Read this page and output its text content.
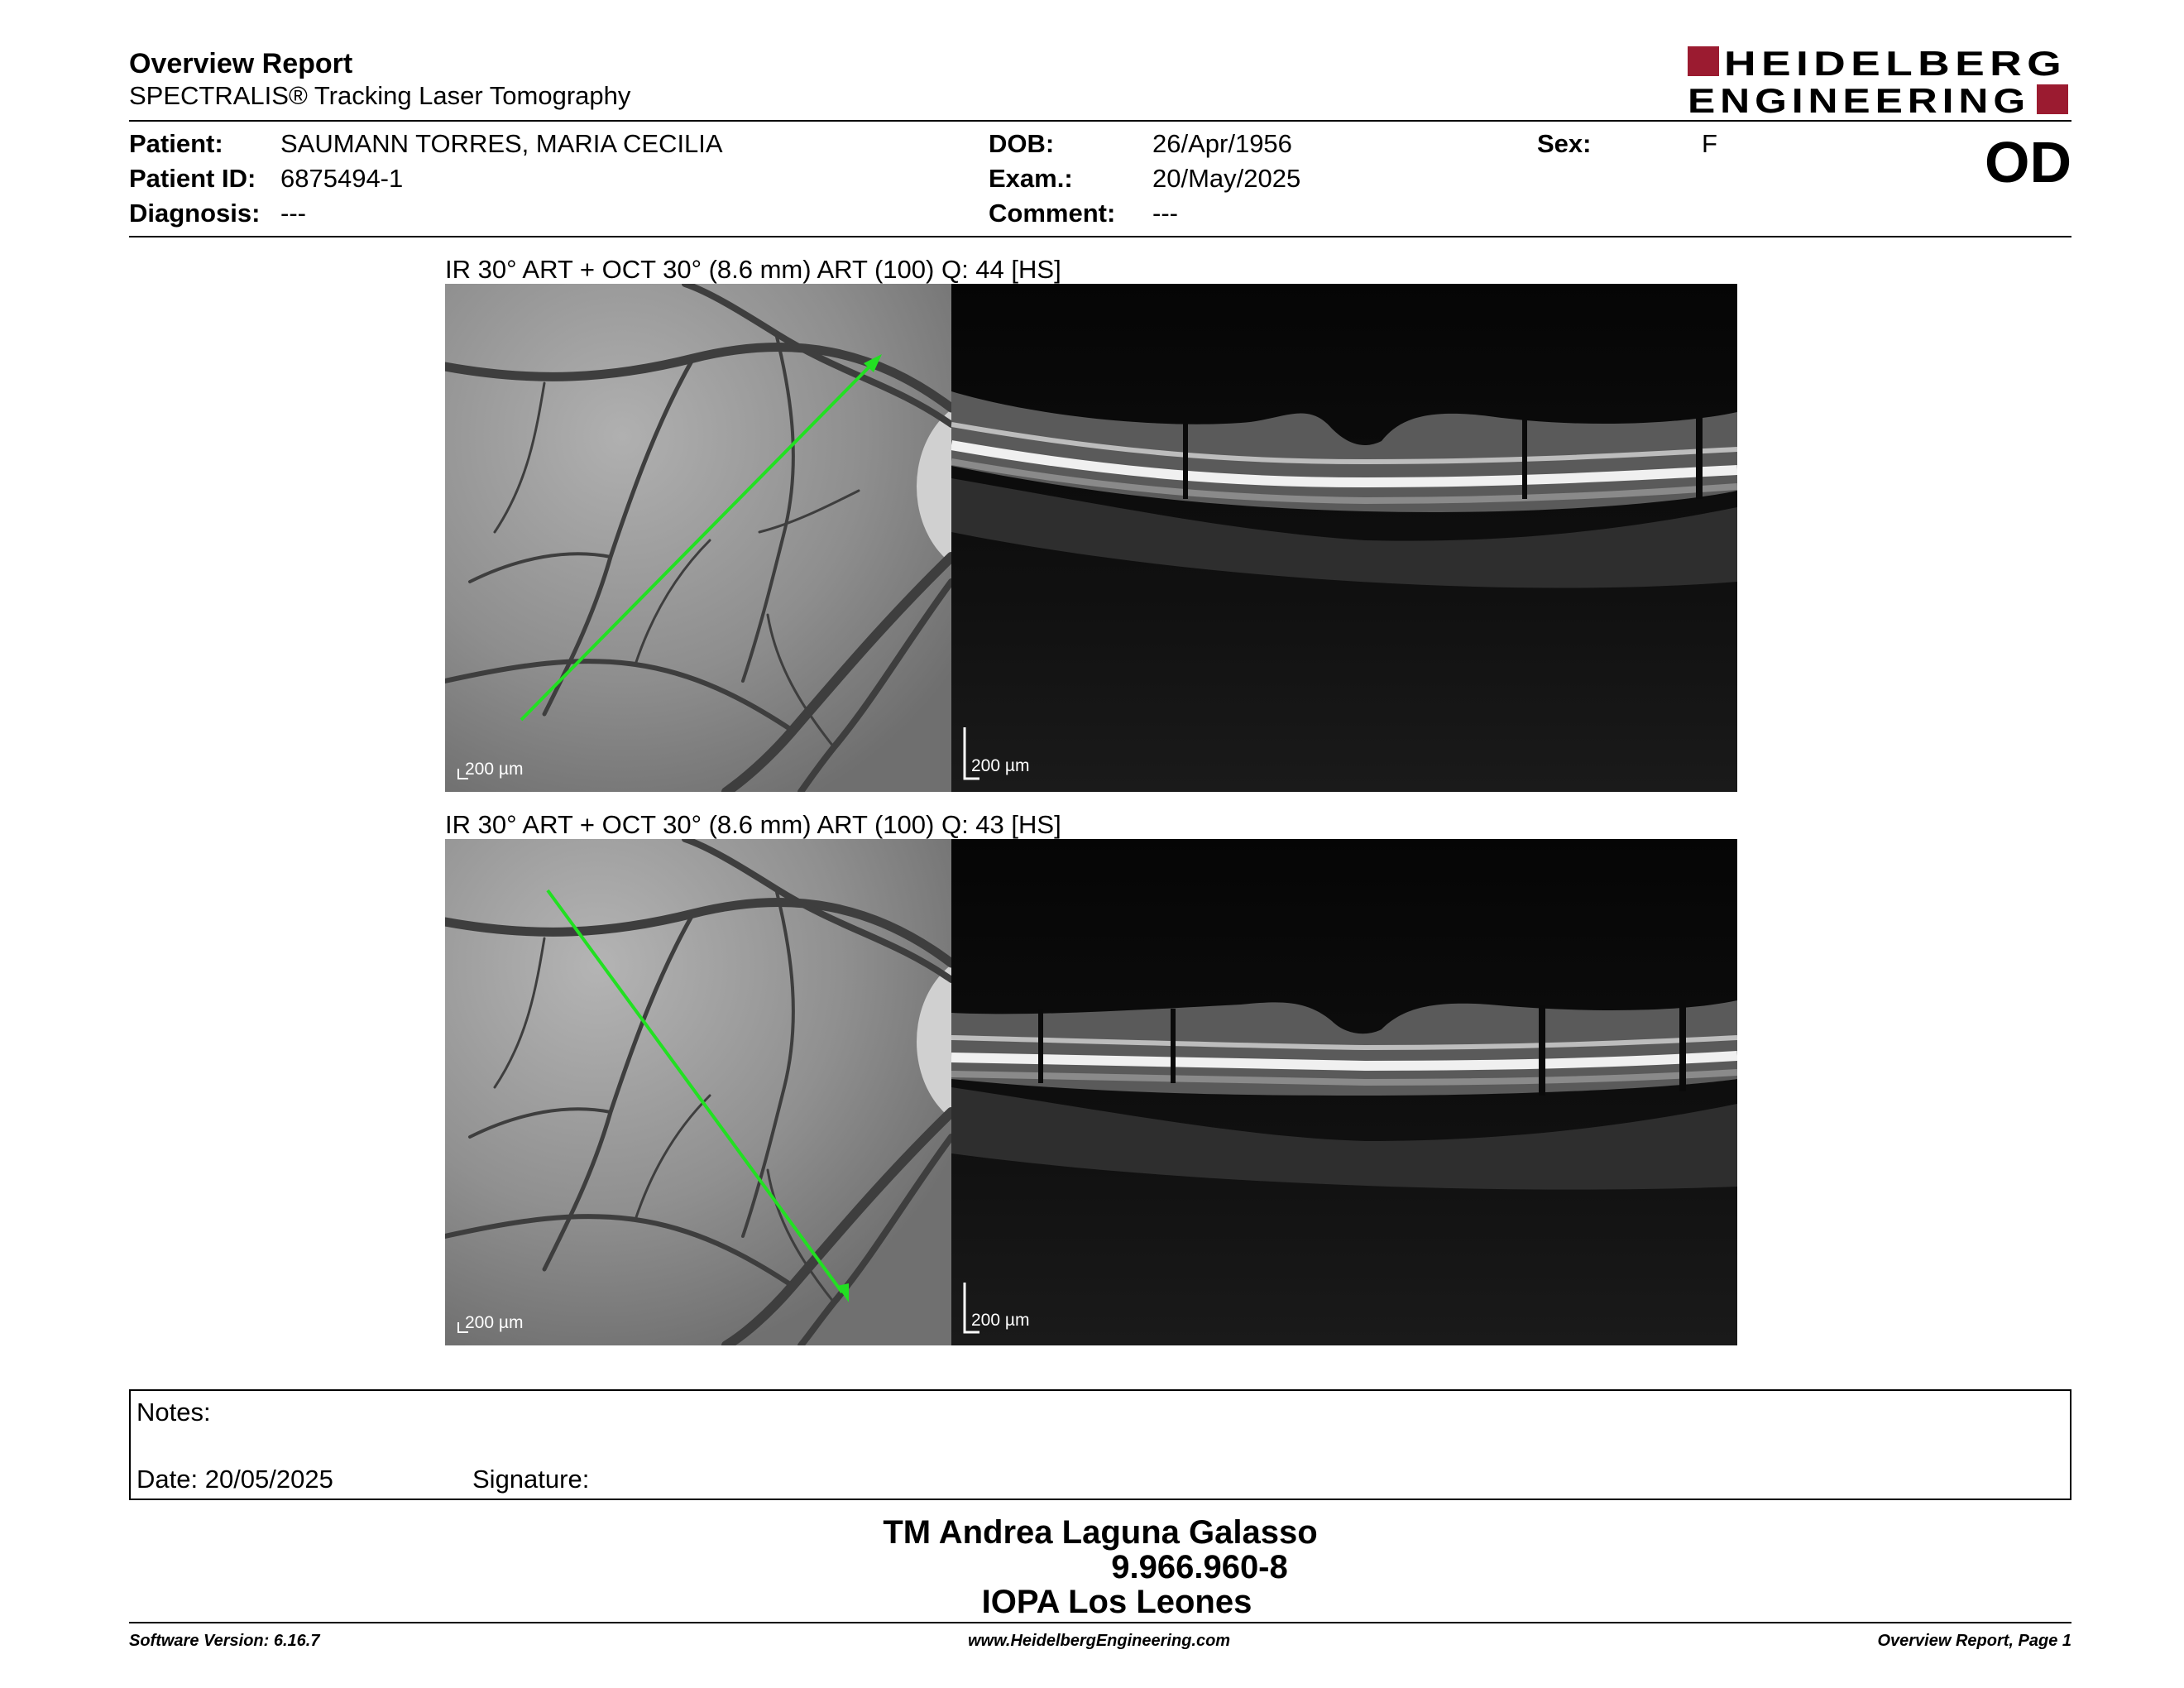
Overview Report
SPECTRALIS® Tracking Laser Tomography
HEIDELBERG
ENGINEERING
Patient: SAUMANN TORRES, MARIA CECILIA
Patient ID: 6875494-1
Diagnosis: ---
DOB:	26/Apr/1956
Exam.:	20/May/2025
Comment: ---
Sex:	F	OD
IR 30° ART + OCT 30° (8.6 mm) ART (100) Q: 44 [HS]
200 µm	200 µm
IR 30° ART + OCT 30° (8.6 mm) ART (100) Q: 43 [HS]
200 µm	200 µm
Notes:
Date: 20/05/2025	Signature:
TM Andrea Laguna Galasso
9.966.960-8
IOPA Los Leones
Software Version: 6.16.7	www.HeidelbergEngineering.com	Overview Report, Page 1
